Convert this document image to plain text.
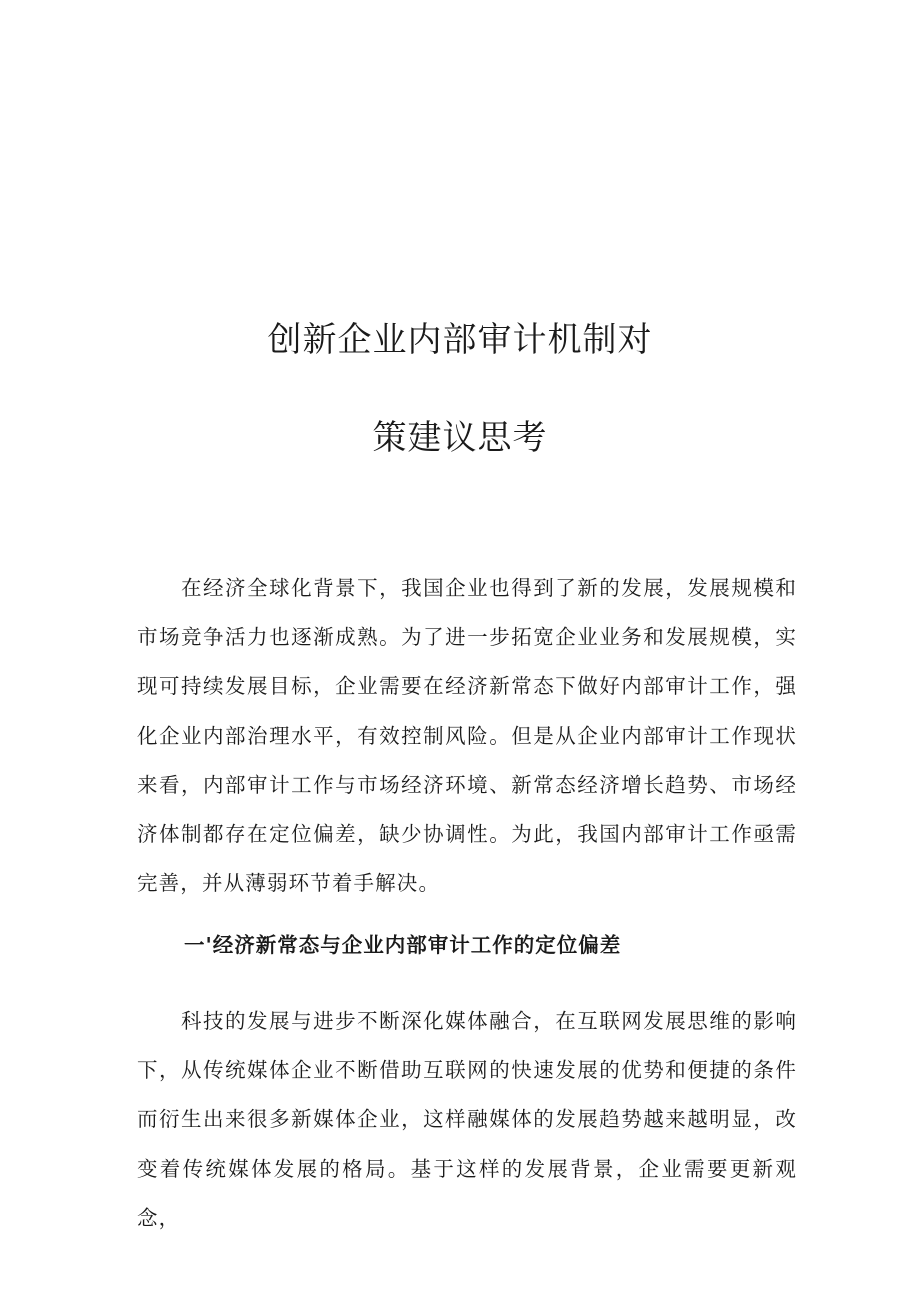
创新企业内部审计机制对
策建议思考

在经济全球化背景下，我国企业也得到了新的发展，发展规模和市场竞争活力也逐渐成熟。为了进一步拓宽企业业务和发展规模，实现可持续发展目标，企业需要在经济新常态下做好内部审计工作，强化企业内部治理水平，有效控制风险。但是从企业内部审计工作现状来看，内部审计工作与市场经济环境、新常态经济增长趋势、市场经济体制都存在定位偏差，缺少协调性。为此，我国内部审计工作亟需完善，并从薄弱环节着手解决。

一'经济新常态与企业内部审计工作的定位偏差

科技的发展与进步不断深化媒体融合，在互联网发展思维的影响下，从传统媒体企业不断借助互联网的快速发展的优势和便捷的条件而衍生出来很多新媒体企业，这样融媒体的发展趋势越来越明显，改变着传统媒体发展的格局。基于这样的发展背景，企业需要更新观念，
